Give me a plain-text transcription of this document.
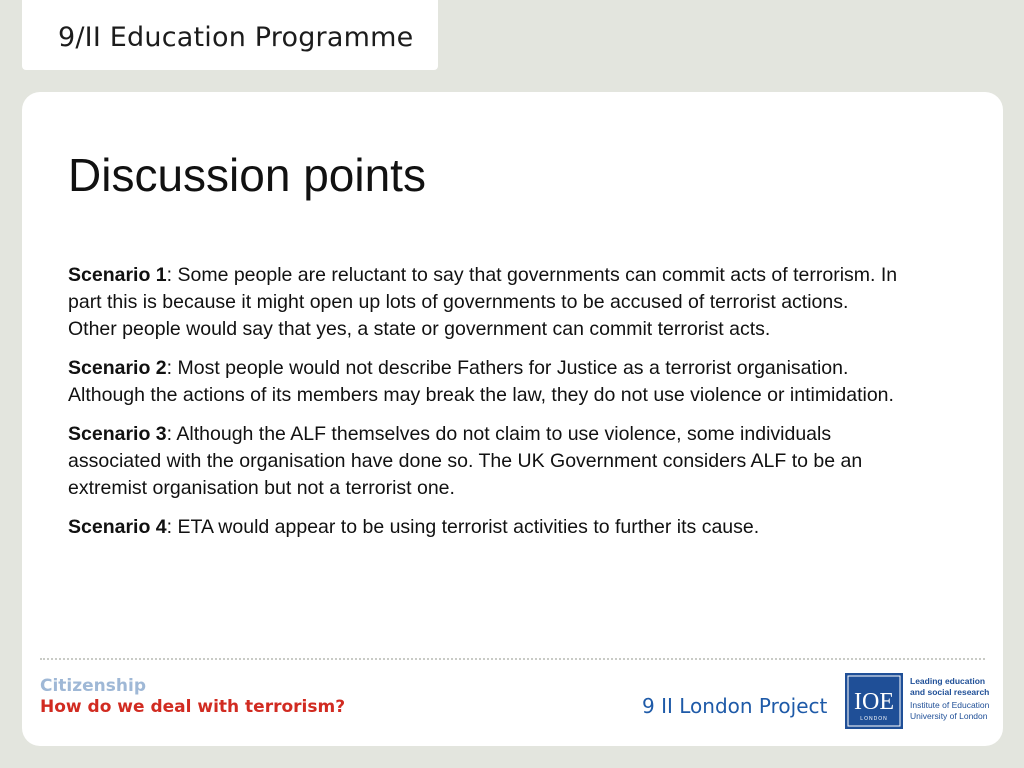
9/II Education Programme
Discussion points

Scenario 1: Some people are reluctant to say that governments can commit acts of terrorism. In part this is because it might open up lots of governments to be accused of terrorist actions. Other people would say that yes, a state or government can commit terrorist acts.

Scenario 2: Most people would not describe Fathers for Justice as a terrorist organisation. Although the actions of its members may break the law, they do not use violence or intimidation.

Scenario 3: Although the ALF themselves do not claim to use violence, some individuals associated with the organisation have done so. The UK Government considers ALF to be an extremist organisation but not a terrorist one.

Scenario 4: ETA would appear to be using terrorist activities to further its cause.

Citizenship
How do we deal with terrorism?	9 II London Project IOE
LONDON
Leading education
and social research
Institute of Education
University of London
